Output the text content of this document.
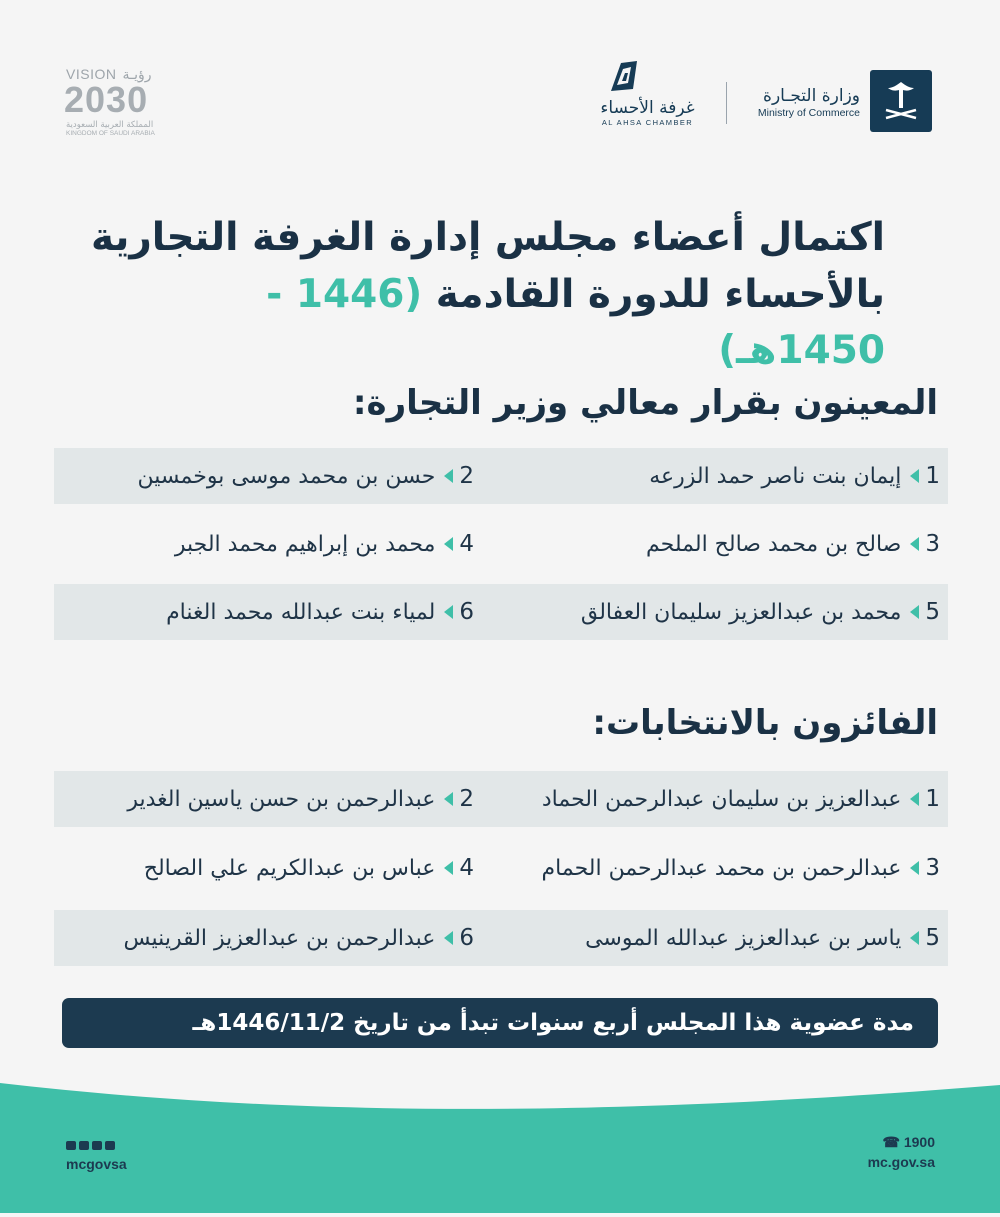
وزارة التجـارة
Ministry of Commerce
غرفة الأحساء
AL AHSA CHAMBER
VISION رؤيـة
2030
المملكة العربية السعودية
KINGDOM OF SAUDI ARABIA
اكتمال أعضاء مجلس إدارة الغرفة التجارية
بالأحساء للدورة القادمة (1446 - 1450هـ)
المعينون بقرار معالي وزير التجارة:
1
إيمان بنت ناصر حمد الزرعه
2
حسن بن محمد موسى بوخمسين
3
صالح بن محمد صالح الملحم
4
محمد بن إبراهيم محمد الجبر
5
محمد بن عبدالعزيز سليمان العفالق
6
لمياء بنت عبدالله محمد الغنام
الفائزون بالانتخابات:
1
عبدالعزيز بن سليمان عبدالرحمن الحماد
2
عبدالرحمن بن حسن ياسين الغدير
3
عبدالرحمن بن محمد عبدالرحمن الحمام
4
عباس بن عبدالكريم علي الصالح
5
ياسر بن عبدالعزيز عبدالله الموسى
6
عبدالرحمن بن عبدالعزيز القرينيس
مدة عضوية هذا المجلس أربع سنوات تبدأ من تاريخ 1446/11/2هـ
☎ 1900
mc.gov.sa
mcgovsa
